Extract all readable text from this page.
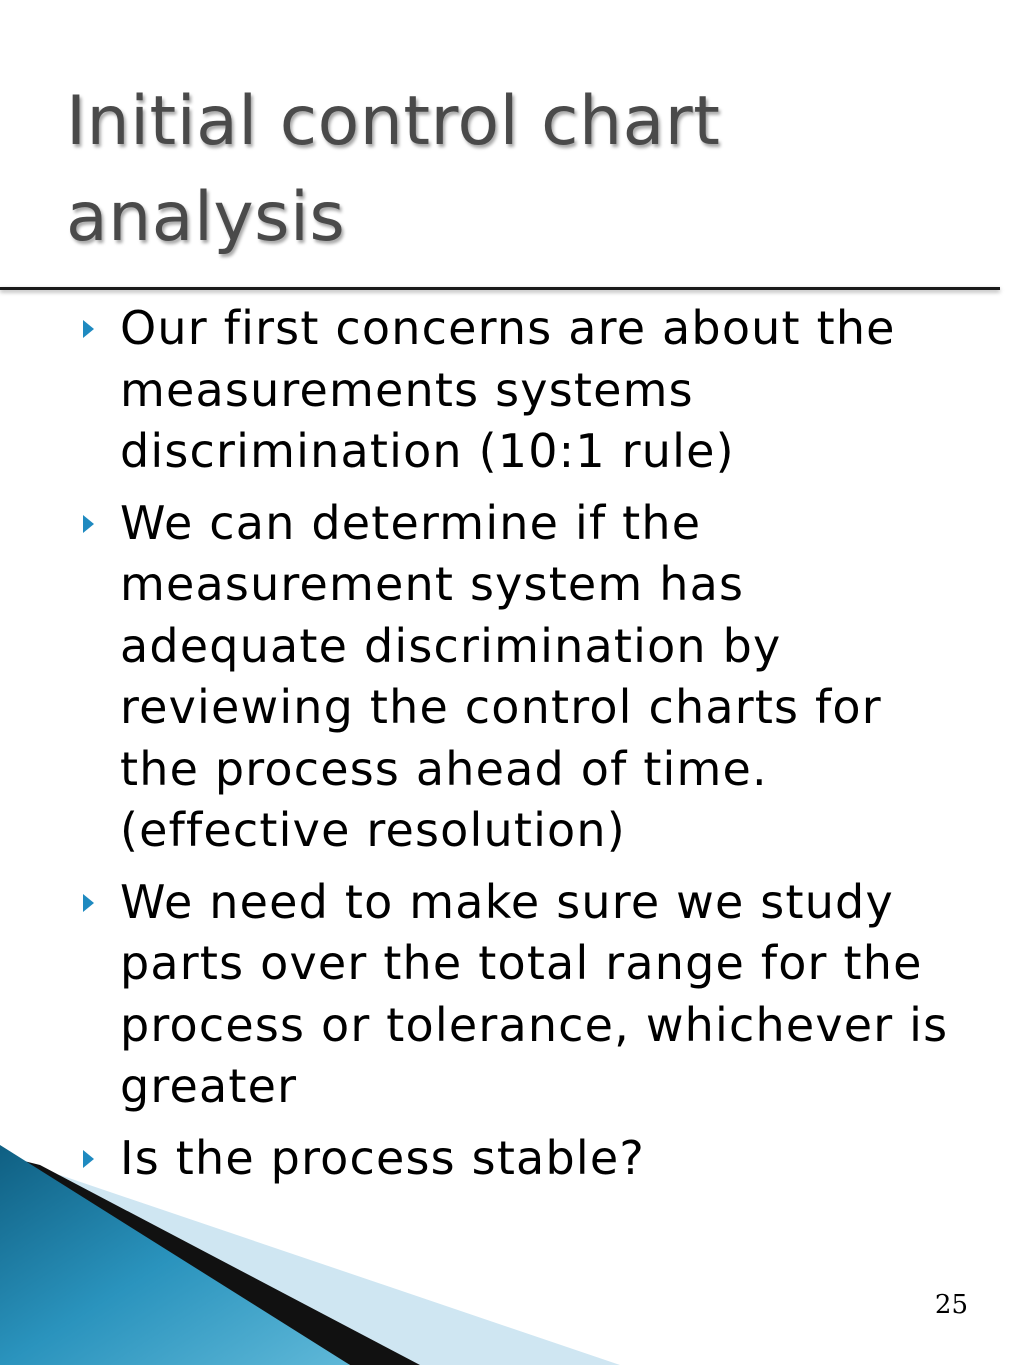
Initial control chart analysis
Our first concerns are about the measurements systems discrimination (10:1 rule)
We can determine if the measurement system has adequate discrimination by reviewing the control charts for the process ahead of time. (effective resolution)
We need to make sure we study parts over the total range for the process or tolerance, whichever is greater
Is the process stable?
25
